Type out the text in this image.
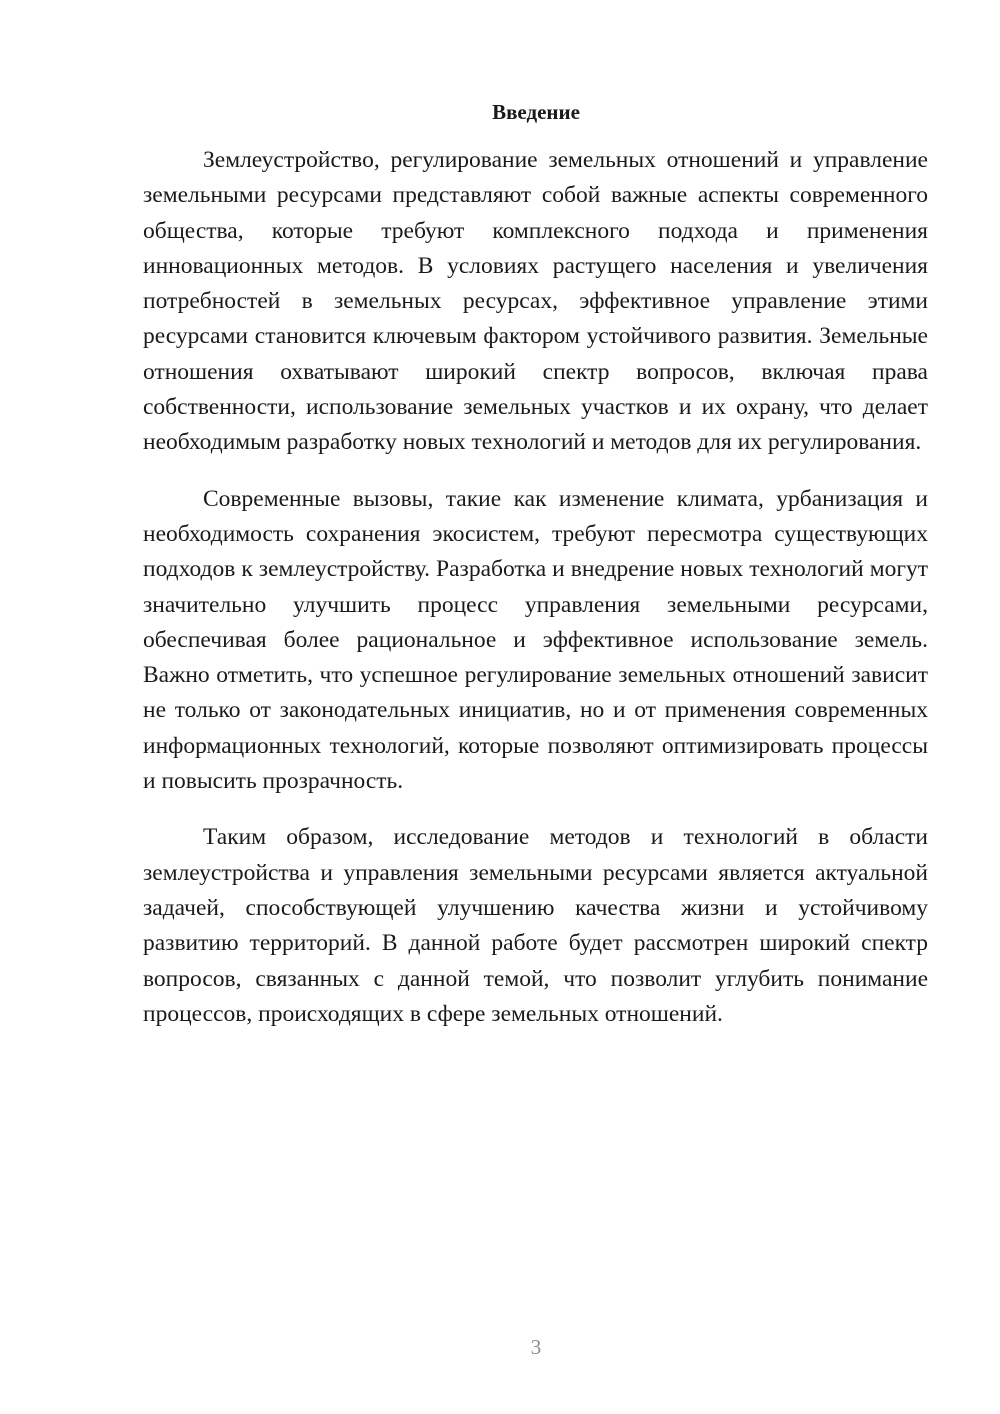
Введение

Землеустройство, регулирование земельных отношений и управление земельными ресурсами представляют собой важные аспекты современного общества, которые требуют комплексного подхода и применения инновационных методов. В условиях растущего населения и увеличения потребностей в земельных ресурсах, эффективное управление этими ресурсами становится ключевым фактором устойчивого развития. Земельные отношения охватывают широкий спектр вопросов, включая права собственности, использование земельных участков и их охрану, что делает необходимым разработку новых технологий и методов для их регулирования.

Современные вызовы, такие как изменение климата, урбанизация и необходимость сохранения экосистем, требуют пересмотра существующих подходов к землеустройству. Разработка и внедрение новых технологий могут значительно улучшить процесс управления земельными ресурсами, обеспечивая более рациональное и эффективное использование земель. Важно отметить, что успешное регулирование земельных отношений зависит не только от законодательных инициатив, но и от применения современных информационных технологий, которые позволяют оптимизировать процессы и повысить прозрачность.

Таким образом, исследование методов и технологий в области землеустройства и управления земельными ресурсами является актуальной задачей, способствующей улучшению качества жизни и устойчивому развитию территорий. В данной работе будет рассмотрен широкий спектр вопросов, связанных с данной темой, что позволит углубить понимание процессов, происходящих в сфере земельных отношений.

3
